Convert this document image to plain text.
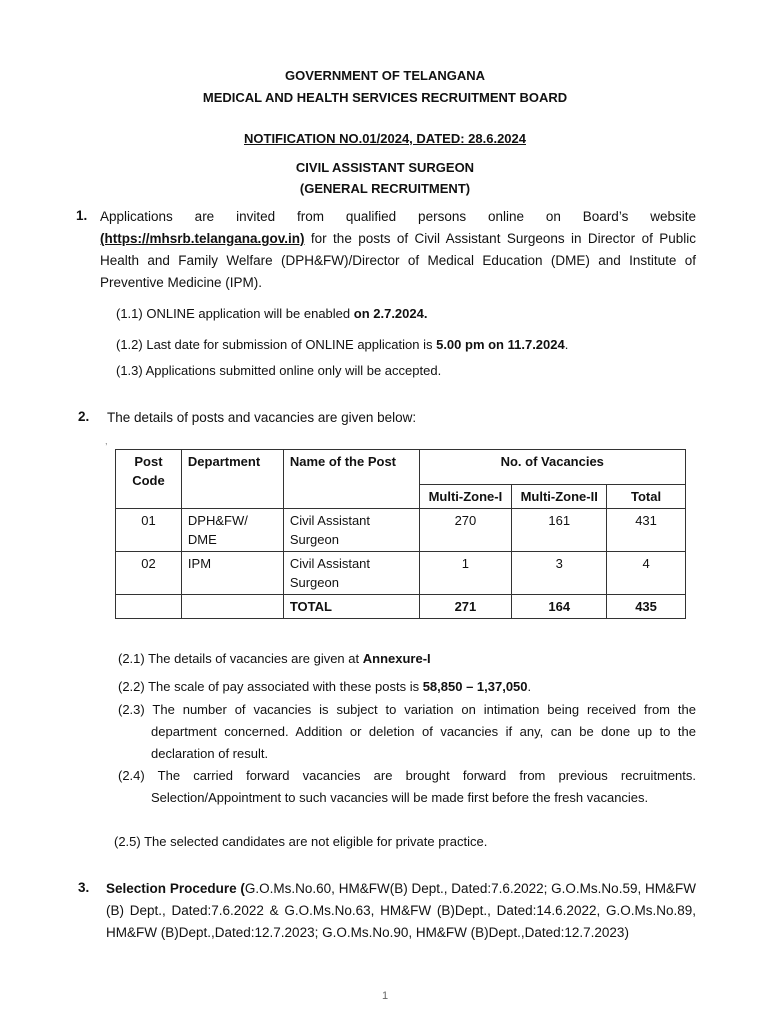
GOVERNMENT OF TELANGANA
MEDICAL AND HEALTH SERVICES RECRUITMENT BOARD
NOTIFICATION NO.01/2024, DATED: 28.6.2024
CIVIL ASSISTANT SURGEON
(GENERAL RECRUITMENT)
1. Applications are invited from qualified persons online on Board’s website (https://mhsrb.telangana.gov.in) for the posts of Civil Assistant Surgeons in Director of Public Health and Family Welfare (DPH&FW)/Director of Medical Education (DME) and Institute of Preventive Medicine (IPM).
(1.1) ONLINE application will be enabled on 2.7.2024.
(1.2) Last date for submission of ONLINE application is 5.00 pm on 11.7.2024.
(1.3) Applications submitted online only will be accepted.
2. The details of posts and vacancies are given below:
,
Post Code	Department	Name of the Post	No. of Vacancies		
			Multi-Zone-I	Multi-Zone-II	Total
01	DPH&FW/ DME	Civil Assistant Surgeon	270	161	431
02	IPM	Civil Assistant Surgeon	1	3	4
		TOTAL	271	164	435
(2.1) The details of vacancies are given at Annexure-I
(2.2) The scale of pay associated with these posts is 58,850 – 1,37,050.
(2.3) The number of vacancies is subject to variation on intimation being received from the department concerned. Addition or deletion of vacancies if any, can be done up to the declaration of result.
(2.4) The carried forward vacancies are brought forward from previous recruitments. Selection/Appointment to such vacancies will be made first before the fresh vacancies.
(2.5) The selected candidates are not eligible for private practice.
3. Selection Procedure (G.O.Ms.No.60, HM&FW(B) Dept., Dated:7.6.2022; G.O.Ms.No.59, HM&FW (B) Dept., Dated:7.6.2022 & G.O.Ms.No.63, HM&FW (B)Dept., Dated:14.6.2022, G.O.Ms.No.89, HM&FW (B)Dept.,Dated:12.7.2023; G.O.Ms.No.90, HM&FW (B)Dept.,Dated:12.7.2023)
1
